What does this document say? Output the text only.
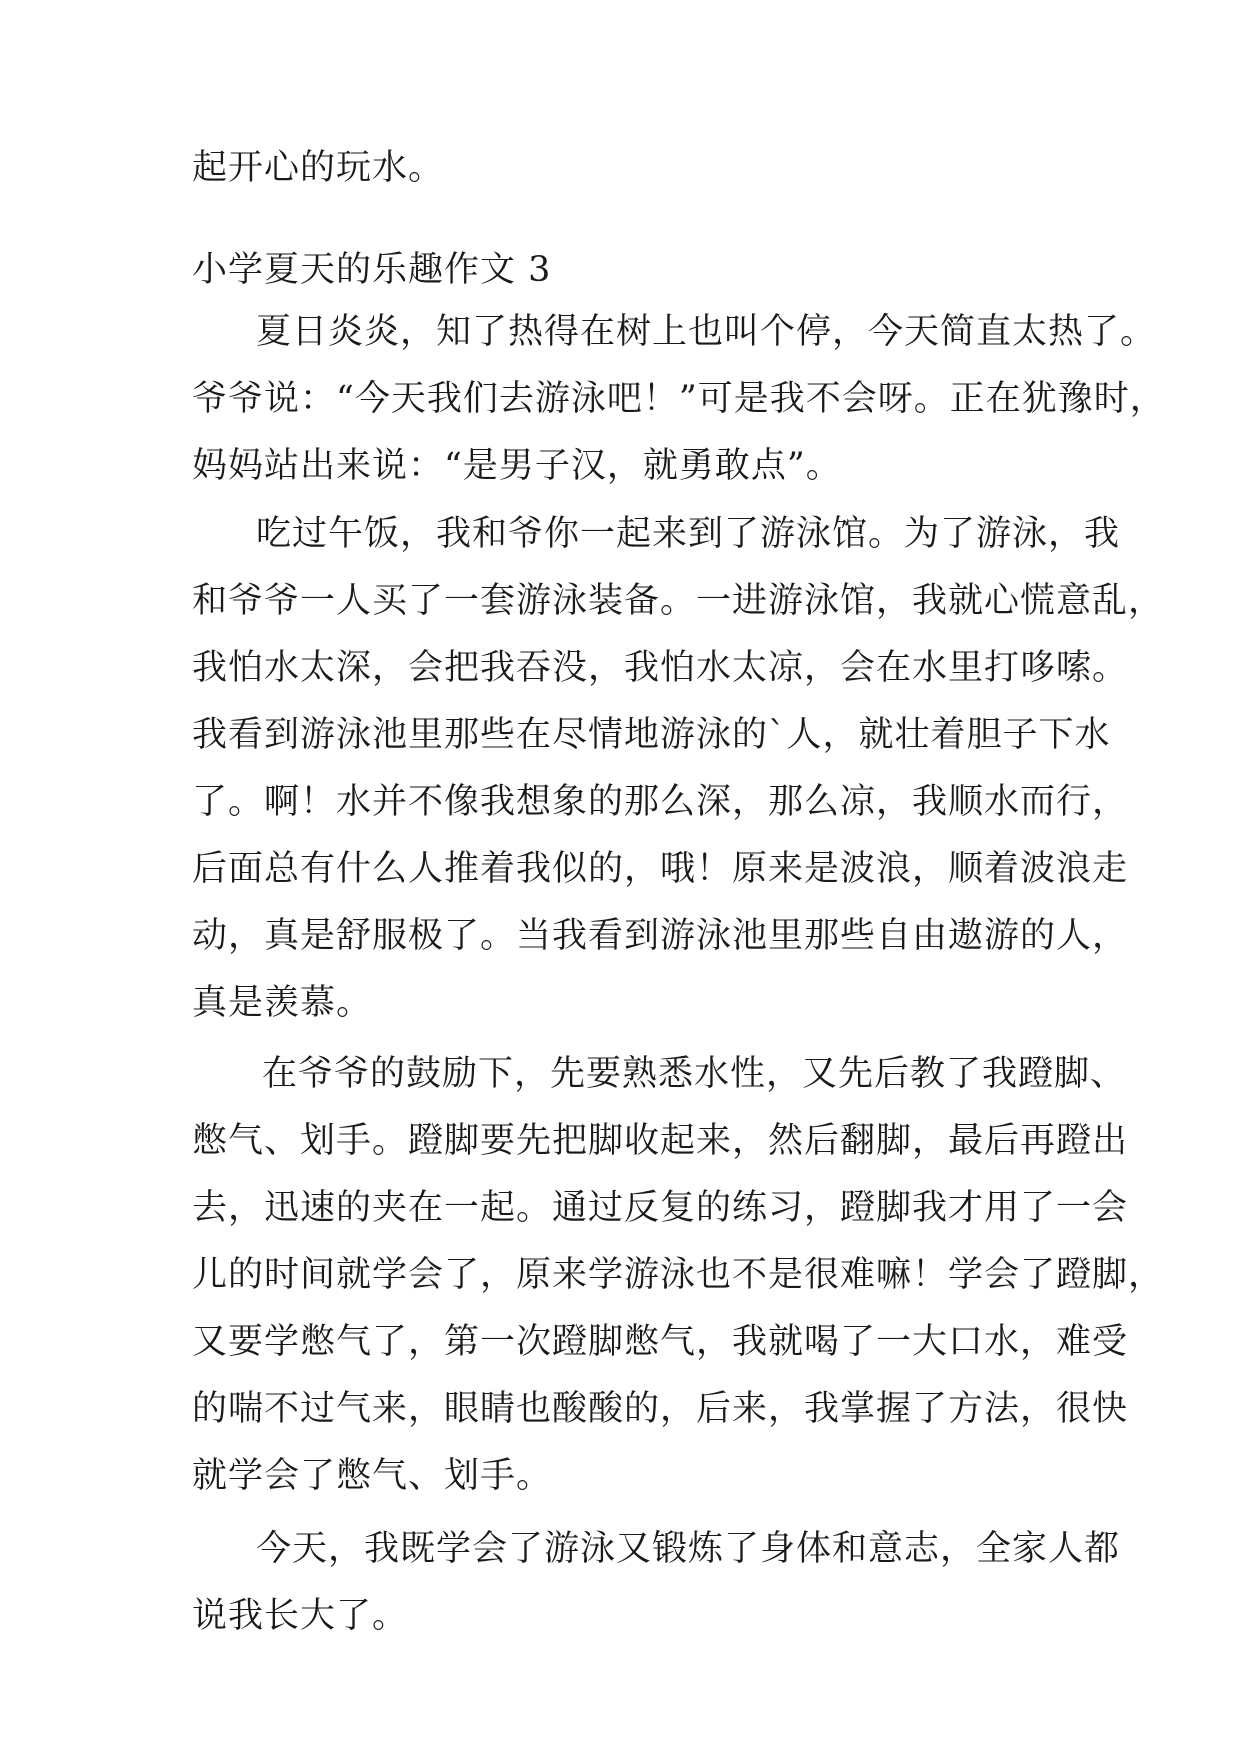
起开心的玩水。
小学夏天的乐趣作文 3
夏日炎炎，知了热得在树上也叫个停，今天简直太热了。
爷爷说：“今天我们去游泳吧！”可是我不会呀。正在犹豫时，
妈妈站出来说：“是男子汉，就勇敢点”。
吃过午饭，我和爷你一起来到了游泳馆。为了游泳，我
和爷爷一人买了一套游泳装备。一进游泳馆，我就心慌意乱，
我怕水太深，会把我吞没，我怕水太凉，会在水里打哆嗦。
我看到游泳池里那些在尽情地游泳的`人，就壮着胆子下水
了。啊！水并不像我想象的那么深，那么凉，我顺水而行，
后面总有什么人推着我似的，哦！原来是波浪，顺着波浪走
动，真是舒服极了。当我看到游泳池里那些自由遨游的人，
真是羡慕。
在爷爷的鼓励下，先要熟悉水性，又先后教了我蹬脚、
憋气、划手。蹬脚要先把脚收起来，然后翻脚，最后再蹬出
去，迅速的夹在一起。通过反复的练习，蹬脚我才用了一会
儿的时间就学会了，原来学游泳也不是很难嘛！学会了蹬脚，
又要学憋气了，第一次蹬脚憋气，我就喝了一大口水，难受
的喘不过气来，眼睛也酸酸的，后来，我掌握了方法，很快
就学会了憋气、划手。
今天，我既学会了游泳又锻炼了身体和意志，全家人都
说我长大了。
